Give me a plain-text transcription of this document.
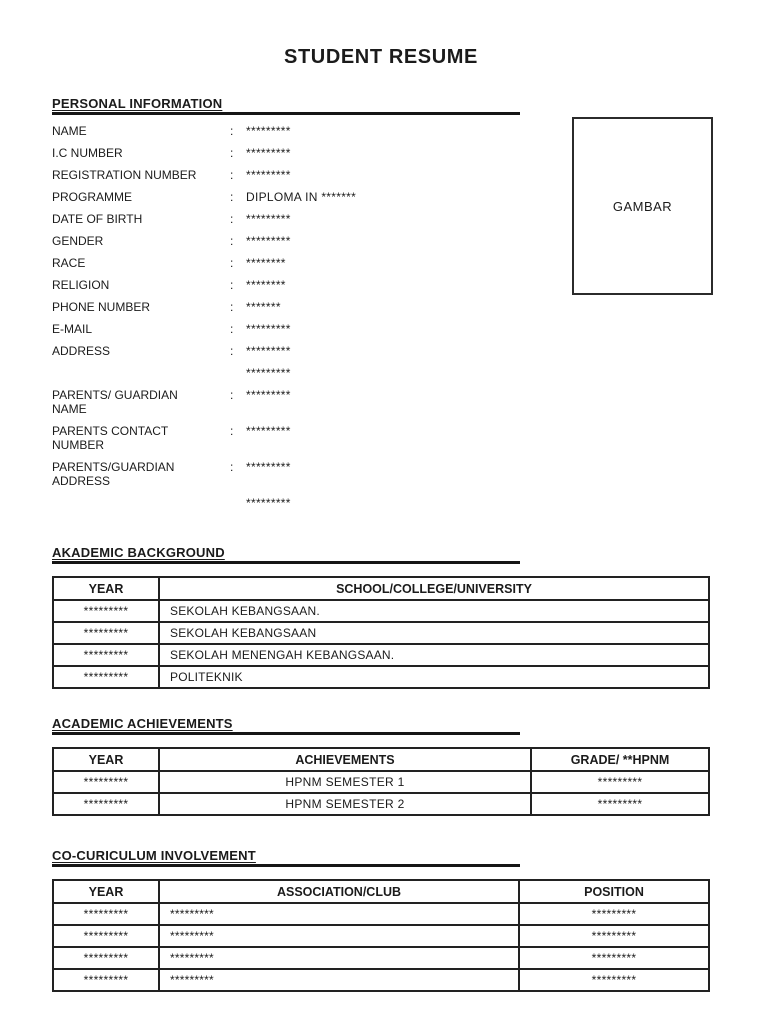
STUDENT RESUME
GAMBAR
PERSONAL INFORMATION
NAME	:	*********
I.C NUMBER	:	*********
REGISTRATION NUMBER	:	*********
PROGRAMME	:	DIPLOMA IN *******
DATE OF BIRTH	:	*********
GENDER	:	*********
RACE	:	********
RELIGION	:	********
PHONE NUMBER	:	*******
E-MAIL	:	*********
ADDRESS	:	*********
*********
PARENTS/ GUARDIAN NAME
:	*********
PARENTS CONTACT NUMBER
:	*********
PARENTS/GUARDIAN ADDRESS
:	*********
*********
AKADEMIC BACKGROUND
YEAR	SCHOOL/COLLEGE/UNIVERSITY
*********	SEKOLAH KEBANGSAAN.
*********	SEKOLAH KEBANGSAAN
*********	SEKOLAH MENENGAH KEBANGSAAN.
*********	POLITEKNIK
ACADEMIC ACHIEVEMENTS
YEAR	ACHIEVEMENTS	GRADE/ **HPNM
*********	HPNM SEMESTER 1	*********
*********	HPNM SEMESTER 2	*********
CO-CURICULUM INVOLVEMENT
YEAR	ASSOCIATION/CLUB	POSITION
*********	*********	*********
*********	*********	*********
*********	*********	*********
*********	*********	*********
